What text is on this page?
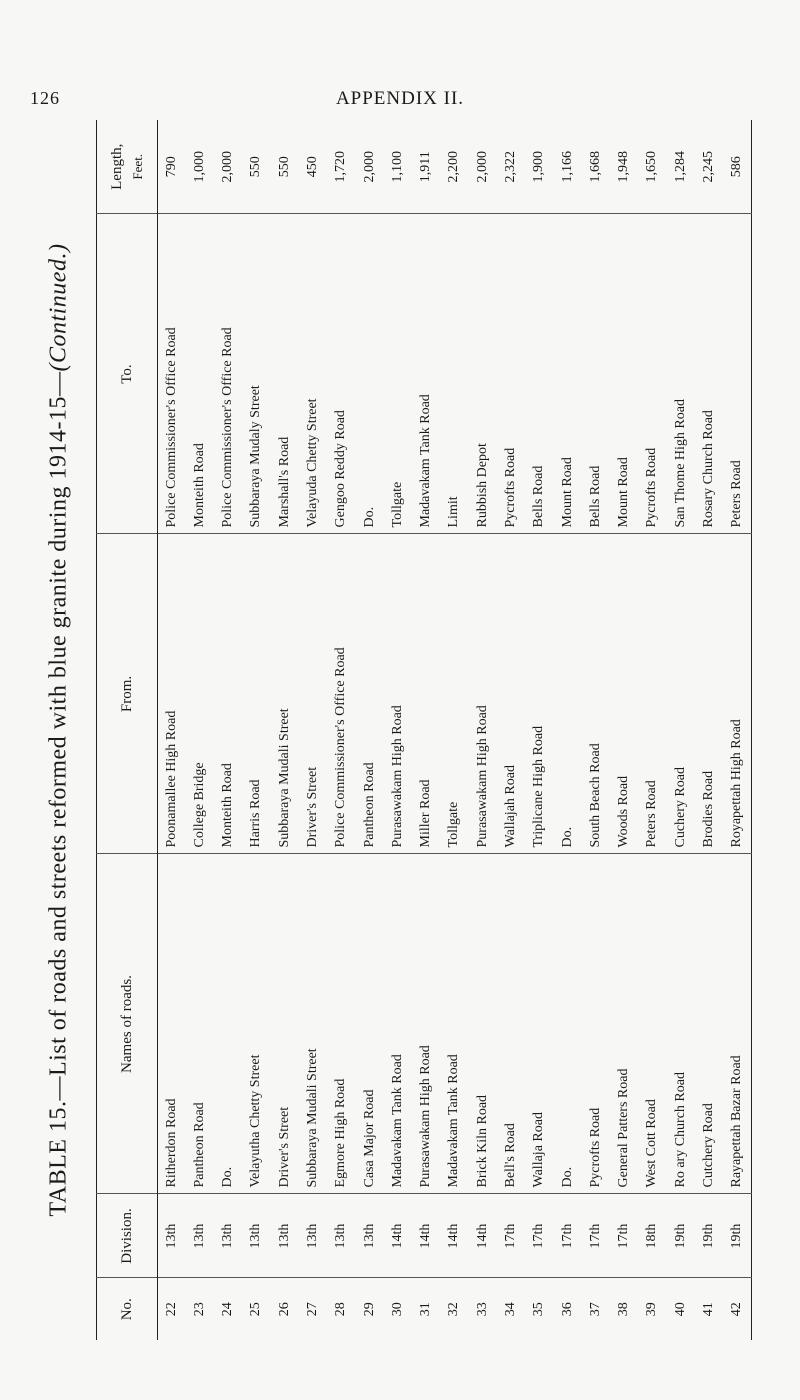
126	APPENDIX II.
TABLE 15.—List of roads and streets reformed with blue granite during 1914-15—(Continued.)
No.	Division.	Names of roads.	From.	To.	Length, Feet.

22	13th	Ritherdon Road	Poonamallee High Road	Police Commissioner's Office Road	790
23	13th	Pantheon Road	College Bridge	Monteith Road	1,000
24	13th	Do.	Monteith Road	Police Commissioner's Office Road	2,000
25	13th	Velayutha Chetty Street	Harris Road	Subbaraya Mudaly Street	550
26	13th	Driver's Street	Subbaraya Mudali Street	Marshall's Road	550
27	13th	Subbaraya Mudali Street	Driver's Street	Velayuda Chetty Street	450
28	13th	Egmore High Road	Police Commissioner's Office Road	Gengoo Reddy Road	1,720
29	13th	Casa Major Road	Pantheon Road	Do.	2,000
30	14th	Madavakam Tank Road	Purasawakam High Road	Tollgate	1,100
31	14th	Purasawakam High Road	Miller Road	Madavakam Tank Road	1,911
32	14th	Madavakam Tank Road	Tollgate	Limit	2,200
33	14th	Brick Kiln Road	Purasawakam High Road	Rubbish Depot	2,000
34	17th	Bell's Road	Wallajah Road	Pycrofts Road	2,322
35	17th	Wallaja Road	Triplicane High Road	Bells Road	1,900
36	17th	Do.	Do.	Mount Road	1,166
37	17th	Pycrofts Road	South Beach Road	Bells Road	1,668
38	17th	General Patters Road	Woods Road	Mount Road	1,948
39	18th	West Cott Road	Peters Road	Pycrofts Road	1,650
40	19th	Ro ary Church Road	Cuchery Road	San Thome High Road	1,284
41	19th	Cutchery Road	Brodies Road	Rosary Church Road	2,245
42	19th	Rayapettah Bazar Road	Royapettah High Road	Peters Road	586
